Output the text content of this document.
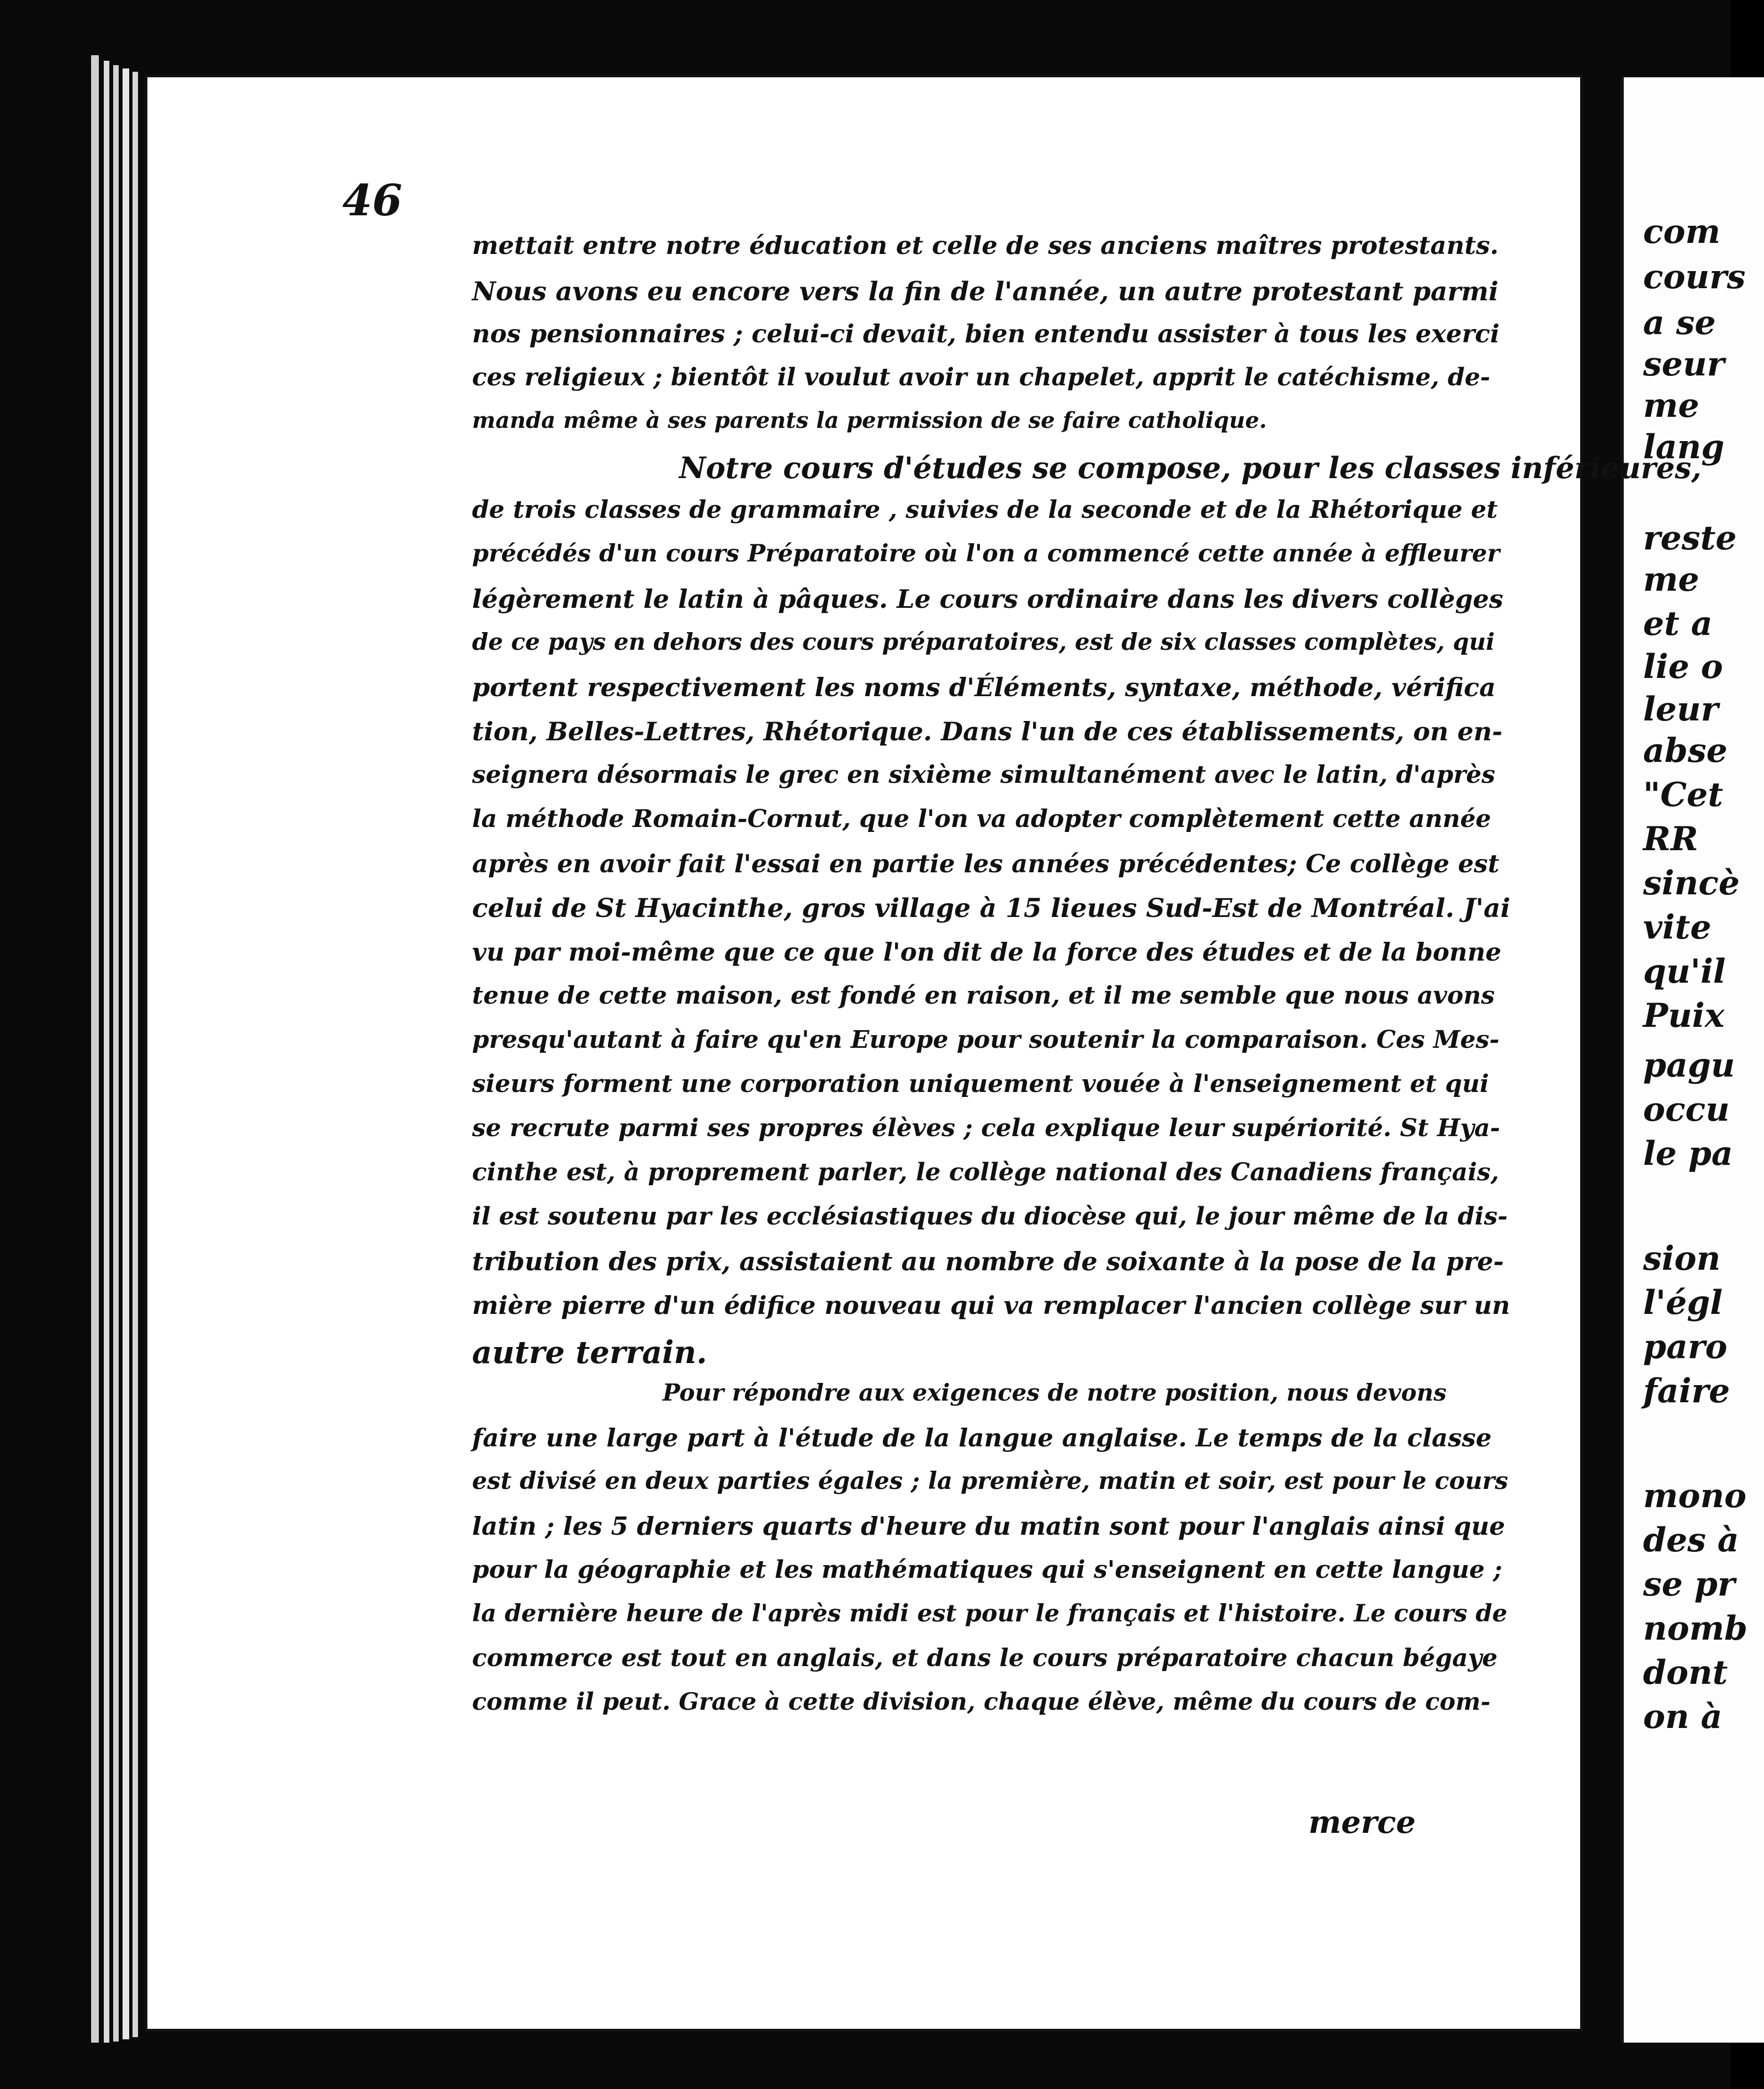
com
cours
a se
seur
me
lang
reste
me
et a
lie o
leur
abse
"Cet
RR
sincè
vite
qu'il
Puix
pagu
occu
le pa
sion
l'égl
paro
faire
mono
des à
se pr
nomb
dont
on à
46
mettait entre notre éducation et celle de ses anciens maîtres protestants.
Nous avons eu encore vers la fin de l'année, un autre protestant parmi
nos pensionnaires ; celui-ci devait, bien entendu assister à tous les exerci
ces religieux ; bientôt il voulut avoir un chapelet, apprit le catéchisme, de-
manda même à ses parents la permission de se faire catholique.
Notre cours d'études se compose, pour les classes inférieures,
de trois classes de grammaire , suivies de la seconde et de la Rhétorique et
précédés d'un cours Préparatoire où l'on a commencé cette année à effleurer
légèrement le latin à pâques. Le cours ordinaire dans les divers collèges
de ce pays en dehors des cours préparatoires, est de six classes complètes, qui
portent respectivement les noms d'Éléments, syntaxe, méthode, vérifica
tion, Belles-Lettres, Rhétorique. Dans l'un de ces établissements, on en-
seignera désormais le grec en sixième simultanément avec le latin, d'après
la méthode Romain-Cornut, que l'on va adopter complètement cette année
après en avoir fait l'essai en partie les années précédentes; Ce collège est
celui de St Hyacinthe, gros village à 15 lieues Sud-Est de Montréal. J'ai
vu par moi-même que ce que l'on dit de la force des études et de la bonne
tenue de cette maison, est fondé en raison, et il me semble que nous avons
presqu'autant à faire qu'en Europe pour soutenir la comparaison. Ces Mes-
sieurs forment une corporation uniquement vouée à l'enseignement et qui
se recrute parmi ses propres élèves ; cela explique leur supériorité. St Hya-
cinthe est, à proprement parler, le collège national des Canadiens français,
il est soutenu par les ecclésiastiques du diocèse qui, le jour même de la dis-
tribution des prix, assistaient au nombre de soixante à la pose de la pre-
mière pierre d'un édifice nouveau qui va remplacer l'ancien collège sur un
autre terrain.
Pour répondre aux exigences de notre position, nous devons
faire une large part à l'étude de la langue anglaise. Le temps de la classe
est divisé en deux parties égales ; la première, matin et soir, est pour le cours
latin ; les 5 derniers quarts d'heure du matin sont pour l'anglais ainsi que
pour la géographie et les mathématiques qui s'enseignent en cette langue ;
la dernière heure de l'après midi est pour le français et l'histoire. Le cours de
commerce est tout en anglais, et dans le cours préparatoire chacun bégaye
comme il peut. Grace à cette division, chaque élève, même du cours de com-
merce
